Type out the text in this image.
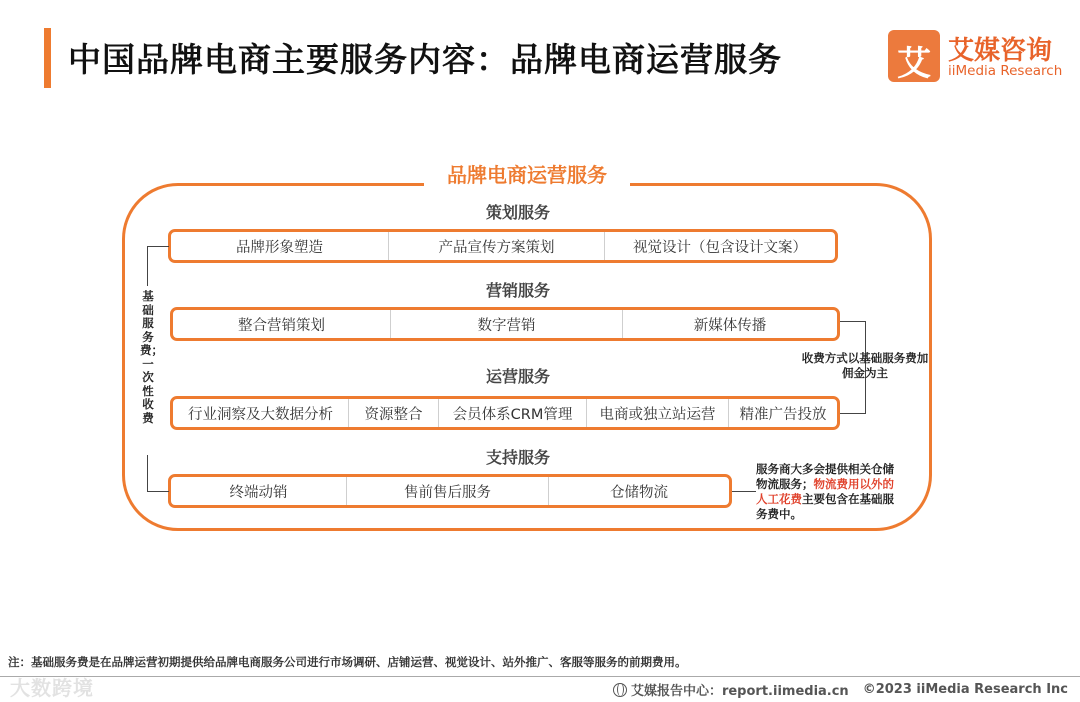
中国品牌电商主要服务内容：品牌电商运营服务	艾 艾媒咨询
iiMedia Research
品牌电商运营服务
策划服务
品牌形象塑造	产品宣传方案策划	视觉设计（包含设计文案）
营销服务
整合营销策划	数字营销	新媒体传播
运营服务
行业洞察及大数据分析	资源整合	会员体系CRM管理	电商或独立站运营	精准广告投放
支持服务
终端动销	售前售后服务	仓储物流
基础服务费；一次性收费
收费方式以基础服务费加佣金为主
服务商大多会提供相关仓储物流服务；物流费用以外的人工花费主要包含在基础服务费中。
注：基础服务费是在品牌运营初期提供给品牌电商服务公司进行市场调研、店铺运营、视觉设计、站外推广、客服等服务的前期费用。
大数跨境	艾媒报告中心：report.iimedia.cn ©2023 iiMedia Research Inc
